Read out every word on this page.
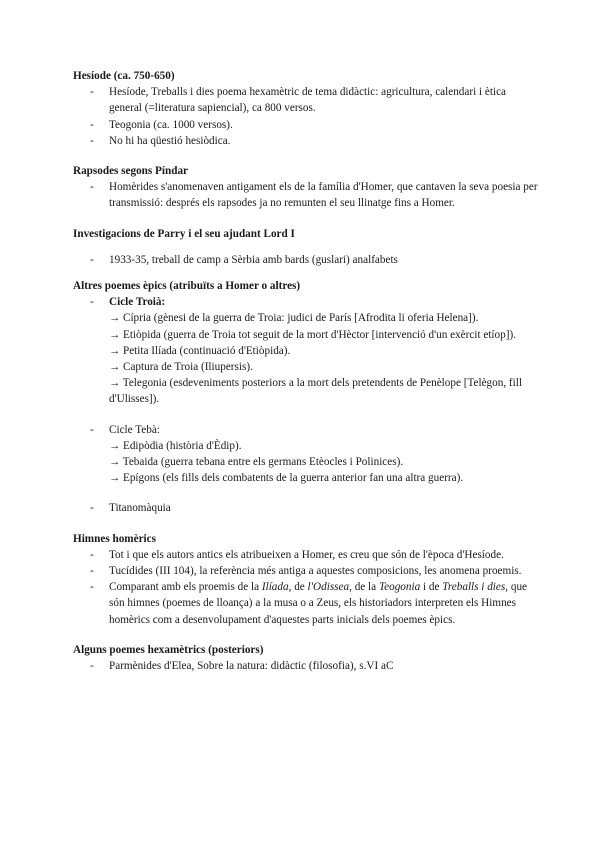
Hesíode (ca. 750-650)

- Hesíode, Treballs i dies poema hexamètric de tema didàctic: agricultura, calendari i ètica general (=literatura sapiencial), ca 800 versos.
- Teogonia (ca. 1000 versos).
- No hi ha qüestió hesiòdica.

Rapsodes segons Píndar

- Homèrides s'anomenaven antigament els de la família d'Homer, que cantaven la seva poesia per transmissió: després els rapsodes ja no remunten el seu llinatge fins a Homer.

Investigacions de Parry i el seu ajudant Lord I

- 1933-35, treball de camp a Sèrbia amb bards (guslari) analfabets

Altres poemes èpics (atribuïts a Homer o altres)

- Cicle Troià:
→ Cípria (gènesi de la guerra de Troia: judici de París [Afrodita li oferia Helena]).
→ Etiòpida (guerra de Troia tot seguit de la mort d'Hèctor [intervenció d'un exèrcit etíop]).
→ Petita Ilíada (continuació d'Etiòpida).
→ Captura de Troia (Iliupersis).
→ Telegonia (esdeveniments posteriors a la mort dels pretendents de Penèlope [Telègon, fill d'Ulisses]).
- Cicle Tebà:
→ Edipòdia (història d'Èdip).
→ Tebaida (guerra tebana entre els germans Etèocles i Polinices).
→ Epígons (els fills dels combatents de la guerra anterior fan una altra guerra).
- Titanomàquia

Himnes homèrics

- Tot i que els autors antics els atribueixen a Homer, es creu que són de l'època d'Hesíode.
- Tucídides (III 104), la referència més antiga a aquestes composicions, les anomena proemis.
- Comparant amb els proemis de la Ilíada, de l'Odissea, de la Teogonia i de Treballs i dies, que són himnes (poemes de lloança) a la musa o a Zeus, els historiadors interpreten els Himnes homèrics com a desenvolupament d'aquestes parts inicials dels poemes èpics.

Alguns poemes hexamètrics (posteriors)

- Parmènides d'Elea, Sobre la natura: didàctic (filosofia), s.VI aC
